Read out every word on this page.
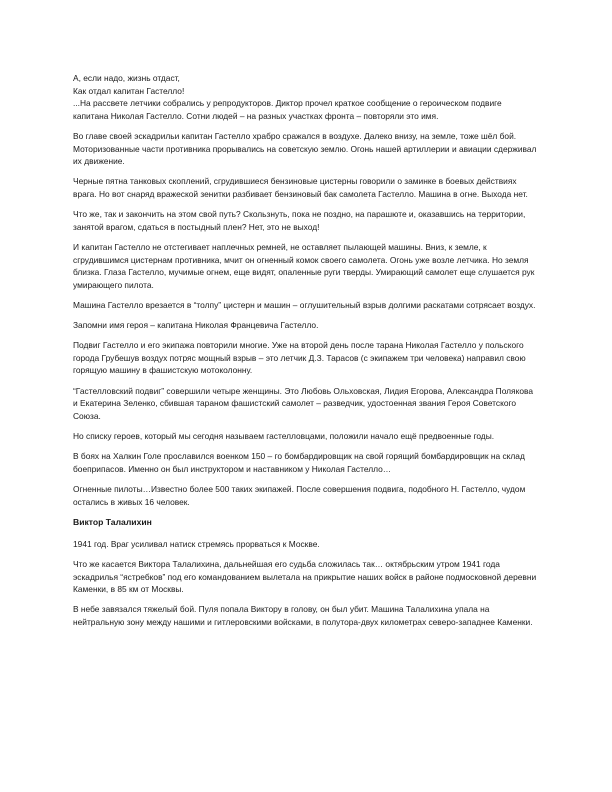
А, если надо, жизнь отдаст,

Как отдал капитан Гастелло!

...На рассвете летчики собрались у репродукторов. Диктор прочел краткое сообщение о героическом подвиге капитана Николая Гастелло. Сотни людей – на разных участках фронта – повторяли это имя.

Во главе своей эскадрильи капитан Гастелло храбро сражался в воздухе. Далеко внизу, на земле, тоже шёл бой. Моторизованные части противника прорывались на советскую землю. Огонь нашей артиллерии и авиации сдерживал их движение.

Черные пятна танковых скоплений, сгрудившиеся бензиновые цистерны говорили о заминке в боевых действиях врага. Но вот снаряд вражеской зенитки разбивает бензиновый бак самолета Гастелло. Машина в огне. Выхода нет.

Что же, так и закончить на этом свой путь? Скользнуть, пока не поздно, на парашюте и, оказавшись на территории, занятой врагом, сдаться в постыдный плен? Нет, это не выход!

И капитан Гастелло не отстегивает наплечных ремней, не оставляет пылающей машины. Вниз, к земле, к сгрудившимся цистернам противника, мчит он огненный комок своего самолета. Огонь уже возле летчика. Но земля близка. Глаза Гастелло, мучимые огнем, еще видят, опаленные руги тверды. Умирающий самолет еще слушается рук умирающего пилота.

Машина Гастелло врезается в “толпу” цистерн и машин – оглушительный взрыв долгими раскатами сотрясает воздух.

Запомни имя героя – капитана Николая Францевича Гастелло.

Подвиг Гастелло и его экипажа повторили многие. Уже на второй день после тарана Николая Гастелло у польского города Грубешув воздух потряс мощный взрыв – это летчик Д.З. Тарасов (с экипажем три человека) направил свою горящую машину в фашистскую мотоколонну.

“Гастелловский подвиг” совершили четыре женщины. Это Любовь Ольховская, Лидия Егорова, Александра Полякова и Екатерина Зеленко, сбившая тараном фашистский самолет – разведчик, удостоенная звания Героя Советского Союза.

Но списку героев, который мы сегодня называем гастелловцами, положили начало ещё предвоенные годы.

В боях на Халкин Голе прославился военком 150 – го бомбардировщик на свой горящий бомбардировщик на склад боеприпасов. Именно он был инструктором и наставником у Николая Гастелло…

Огненные пилоты…Известно более 500 таких экипажей. После совершения подвига, подобного Н. Гастелло, чудом остались в живых 16 человек.

Виктор Талалихин

1941 год. Враг усиливал натиск стремясь прорваться к Москве.

Что же касается Виктора Талалихина, дальнейшая его судьба сложилась так… октябрьским утром 1941 года эскадрилья “ястребков” под его командованием вылетала на прикрытие наших войск в районе подмосковной деревни Каменки, в 85 км от Москвы.

В небе завязался тяжелый бой. Пуля попала Виктору в голову, он был убит. Машина Талалихина упала на нейтральную зону между нашими и гитлеровскими войсками, в полутора-двух километрах северо-западнее Каменки.
